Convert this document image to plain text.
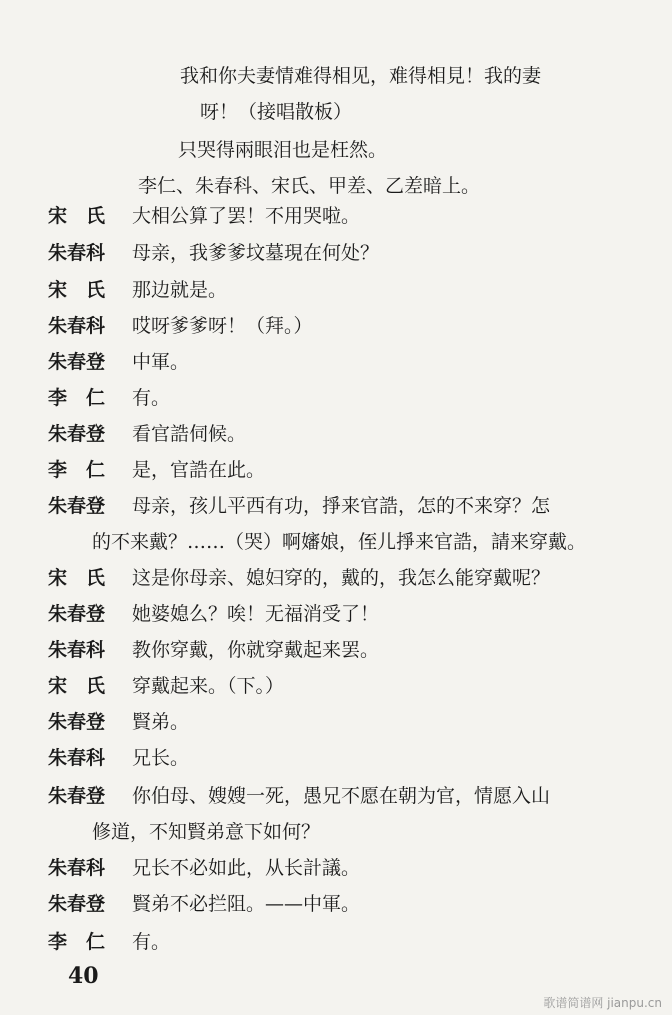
我和你夫妻情难得相见，难得相見！我的妻
呀！（接唱散板）
只哭得兩眼泪也是枉然。
李仁、朱春科、宋氏、甲差、乙差暗上。
宋　氏 大相公算了罢！不用哭啦。
朱春科 母亲，我爹爹坟墓現在何处？
宋　氏 那边就是。
朱春科 哎呀爹爹呀！（拜。）
朱春登 中軍。
李　仁 有。
朱春登 看官誥伺候。
李　仁 是，官誥在此。
朱春登 母亲，孩儿平西有功，掙来官誥，怎的不来穿？怎
的不来戴？……（哭）啊嬸娘，侄儿掙来官誥，請来穿戴。
宋　氏 这是你母亲、媳妇穿的，戴的，我怎么能穿戴呢？
朱春登 她婆媳么？唉！无福消受了！
朱春科 教你穿戴，你就穿戴起来罢。
宋　氏 穿戴起来。（下。）
朱春登 賢弟。
朱春科 兄长。
朱春登 你伯母、嫂嫂一死，愚兄不愿在朝为官，情愿入山
修道，不知賢弟意下如何？
朱春科 兄长不必如此，从长計議。
朱春登 賢弟不必拦阻。——中軍。
李　仁 有。
40
歌谱简谱网 jianpu.cn
